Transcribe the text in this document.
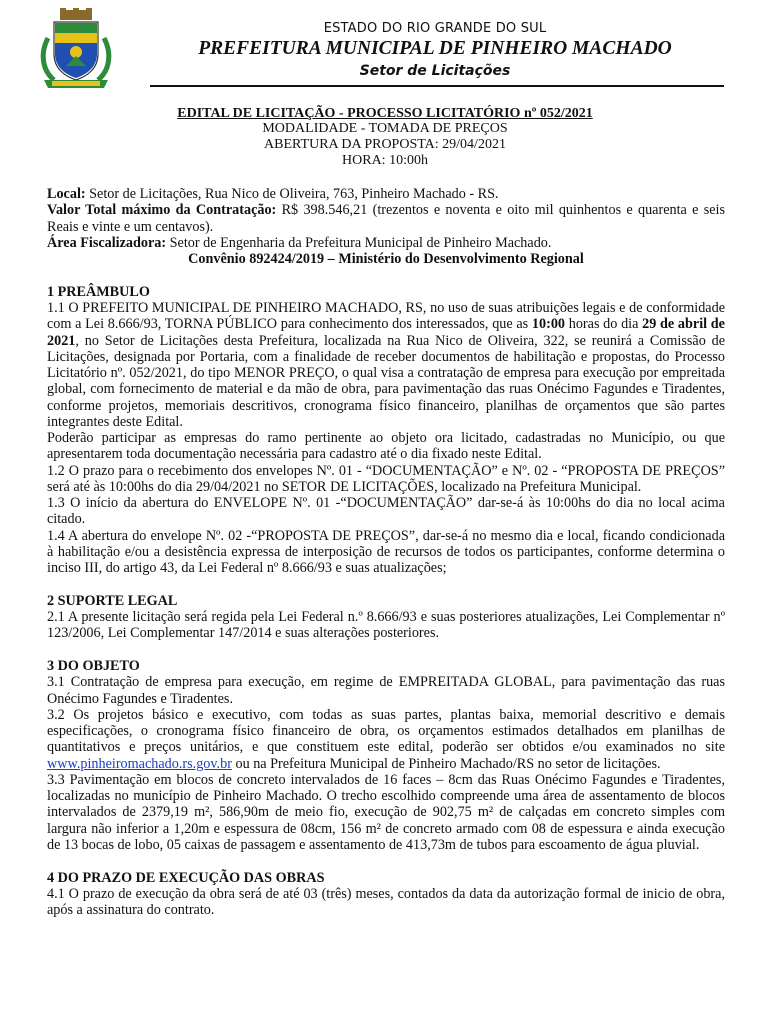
ESTADO DO RIO GRANDE DO SUL
PREFEITURA MUNICIPAL DE PINHEIRO MACHADO
Setor de Licitações
EDITAL DE LICITAÇÃO - PROCESSO LICITATÓRIO nº 052/2021
MODALIDADE - TOMADA DE PREÇOS
ABERTURA DA PROPOSTA: 29/04/2021
HORA: 10:00h

Local: Setor de Licitações, Rua Nico de Oliveira, 763, Pinheiro Machado - RS.

Valor Total máximo da Contratação: R$ 398.546,21 (trezentos e noventa e oito mil quinhentos e quarenta e seis Reais e vinte e um centavos).

Área Fiscalizadora: Setor de Engenharia da Prefeitura Municipal de Pinheiro Machado.

Convênio 892424/2019 – Ministério do Desenvolvimento Regional

1 PREÂMBULO

1.1 O PREFEITO MUNICIPAL DE PINHEIRO MACHADO, RS, no uso de suas atribuições legais e de conformidade com a Lei 8.666/93, TORNA PÚBLICO para conhecimento dos interessados, que as 10:00 horas do dia 29 de abril de 2021, no Setor de Licitações desta Prefeitura, localizada na Rua Nico de Oliveira, 322, se reunirá a Comissão de Licitações, designada por Portaria, com a finalidade de receber documentos de habilitação e propostas, do Processo Licitatório nº. 052/2021, do tipo MENOR PREÇO, o qual visa a contratação de empresa para execução por empreitada global, com fornecimento de material e da mão de obra, para pavimentação das ruas Onécimo Fagundes e Tiradentes, conforme projetos, memoriais descritivos, cronograma físico financeiro, planilhas de orçamentos que são partes integrantes deste Edital.

Poderão participar as empresas do ramo pertinente ao objeto ora licitado, cadastradas no Município, ou que apresentarem toda documentação necessária para cadastro até o dia fixado neste Edital.

1.2 O prazo para o recebimento dos envelopes Nº. 01 - “DOCUMENTAÇÃO” e Nº. 02 - “PROPOSTA DE PREÇOS” será até às 10:00hs do dia 29/04/2021 no SETOR DE LICITAÇÕES, localizado na Prefeitura Municipal.

1.3 O início da abertura do ENVELOPE Nº. 01 -“DOCUMENTAÇÃO” dar-se-á às 10:00hs do dia no local acima citado.

1.4 A abertura do envelope Nº. 02 -“PROPOSTA DE PREÇOS”, dar-se-á no mesmo dia e local, ficando condicionada à habilitação e/ou a desistência expressa de interposição de recursos de todos os participantes, conforme determina o inciso III, do artigo 43, da Lei Federal nº 8.666/93 e suas atualizações;

2 SUPORTE LEGAL

2.1 A presente licitação será regida pela Lei Federal n.º 8.666/93 e suas posteriores atualizações, Lei Complementar nº 123/2006, Lei Complementar 147/2014 e suas alterações posteriores.

3 DO OBJETO

3.1 Contratação de empresa para execução, em regime de EMPREITADA GLOBAL, para pavimentação das ruas Onécimo Fagundes e Tiradentes.

3.2 Os projetos básico e executivo, com todas as suas partes, plantas baixa, memorial descritivo e demais especificações, o cronograma físico financeiro de obra, os orçamentos estimados detalhados em planilhas de quantitativos e preços unitários, e que constituem este edital, poderão ser obtidos e/ou examinados no site www.pinheiromachado.rs.gov.br ou na Prefeitura Municipal de Pinheiro Machado/RS no setor de licitações.

3.3 Pavimentação em blocos de concreto intervalados de 16 faces – 8cm das Ruas Onécimo Fagundes e Tiradentes, localizadas no município de Pinheiro Machado. O trecho escolhido compreende uma área de assentamento de blocos intervalados de 2379,19 m², 586,90m de meio fio, execução de 902,75 m² de calçadas em concreto simples com largura não inferior a 1,20m e espessura de 08cm, 156 m² de concreto armado com 08 de espessura e ainda execução de 13 bocas de lobo, 05 caixas de passagem e assentamento de 413,73m de tubos para escoamento de água pluvial.

4 DO PRAZO DE EXECUÇÃO DAS OBRAS

4.1 O prazo de execução da obra será de até 03 (três) meses, contados da data da autorização formal de inicio de obra, após a assinatura do contrato.
